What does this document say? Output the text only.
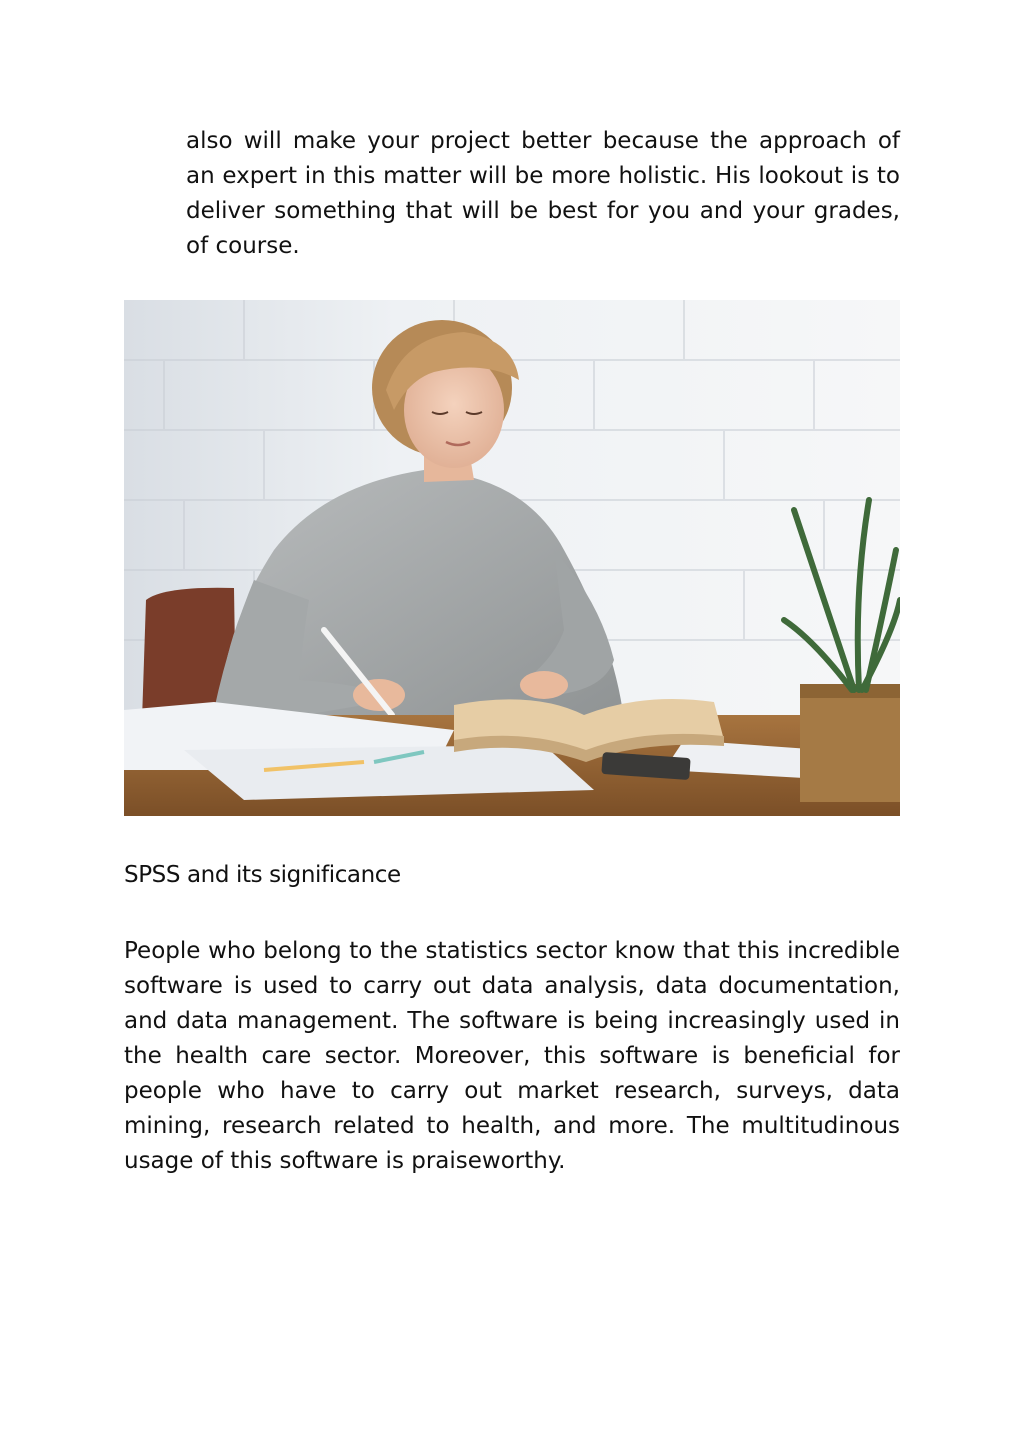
also will make your project better because the approach of an expert in this matter will be more holistic. His lookout is to deliver something that will be best for you and your grades, of course.

SPSS and its significance

People who belong to the statistics sector know that this incredible software is used to carry out data analysis, data documentation, and data management. The software is being increasingly used in the health care sector. Moreover, this software is beneficial for people who have to carry out market research, surveys, data mining, research related to health, and more. The multitudinous usage of this software is praiseworthy.
